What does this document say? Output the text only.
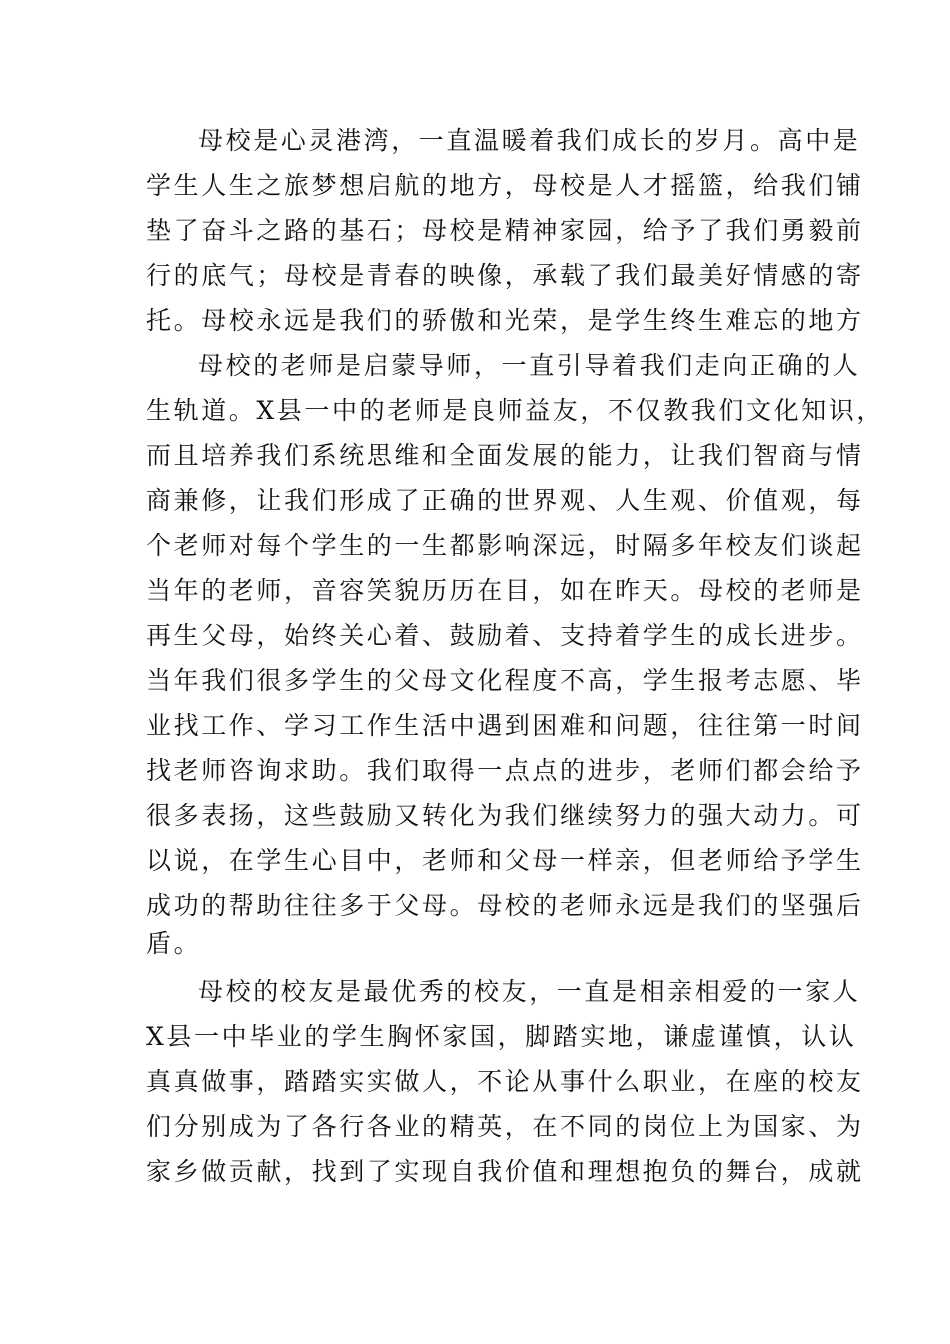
母校是心灵港湾，一直温暖着我们成长的岁月。高中是
学生人生之旅梦想启航的地方，母校是人才摇篮，给我们铺
垫了奋斗之路的基石；母校是精神家园，给予了我们勇毅前
行的底气；母校是青春的映像，承载了我们最美好情感的寄
托。母校永远是我们的骄傲和光荣，是学生终生难忘的地方
母校的老师是启蒙导师，一直引导着我们走向正确的人
生轨道。X县一中的老师是良师益友，不仅教我们文化知识，
而且培养我们系统思维和全面发展的能力，让我们智商与情
商兼修，让我们形成了正确的世界观、人生观、价值观，每
个老师对每个学生的一生都影响深远，时隔多年校友们谈起
当年的老师，音容笑貌历历在目，如在昨天。母校的老师是
再生父母，始终关心着、鼓励着、支持着学生的成长进步。
当年我们很多学生的父母文化程度不高，学生报考志愿、毕
业找工作、学习工作生活中遇到困难和问题，往往第一时间
找老师咨询求助。我们取得一点点的进步，老师们都会给予
很多表扬，这些鼓励又转化为我们继续努力的强大动力。可
以说，在学生心目中，老师和父母一样亲，但老师给予学生
成功的帮助往往多于父母。母校的老师永远是我们的坚强后
盾。
母校的校友是最优秀的校友，一直是相亲相爱的一家人
X县一中毕业的学生胸怀家国，脚踏实地，谦虚谨慎，认认
真真做事，踏踏实实做人，不论从事什么职业，在座的校友
们分别成为了各行各业的精英，在不同的岗位上为国家、为
家乡做贡献，找到了实现自我价值和理想抱负的舞台，成就
